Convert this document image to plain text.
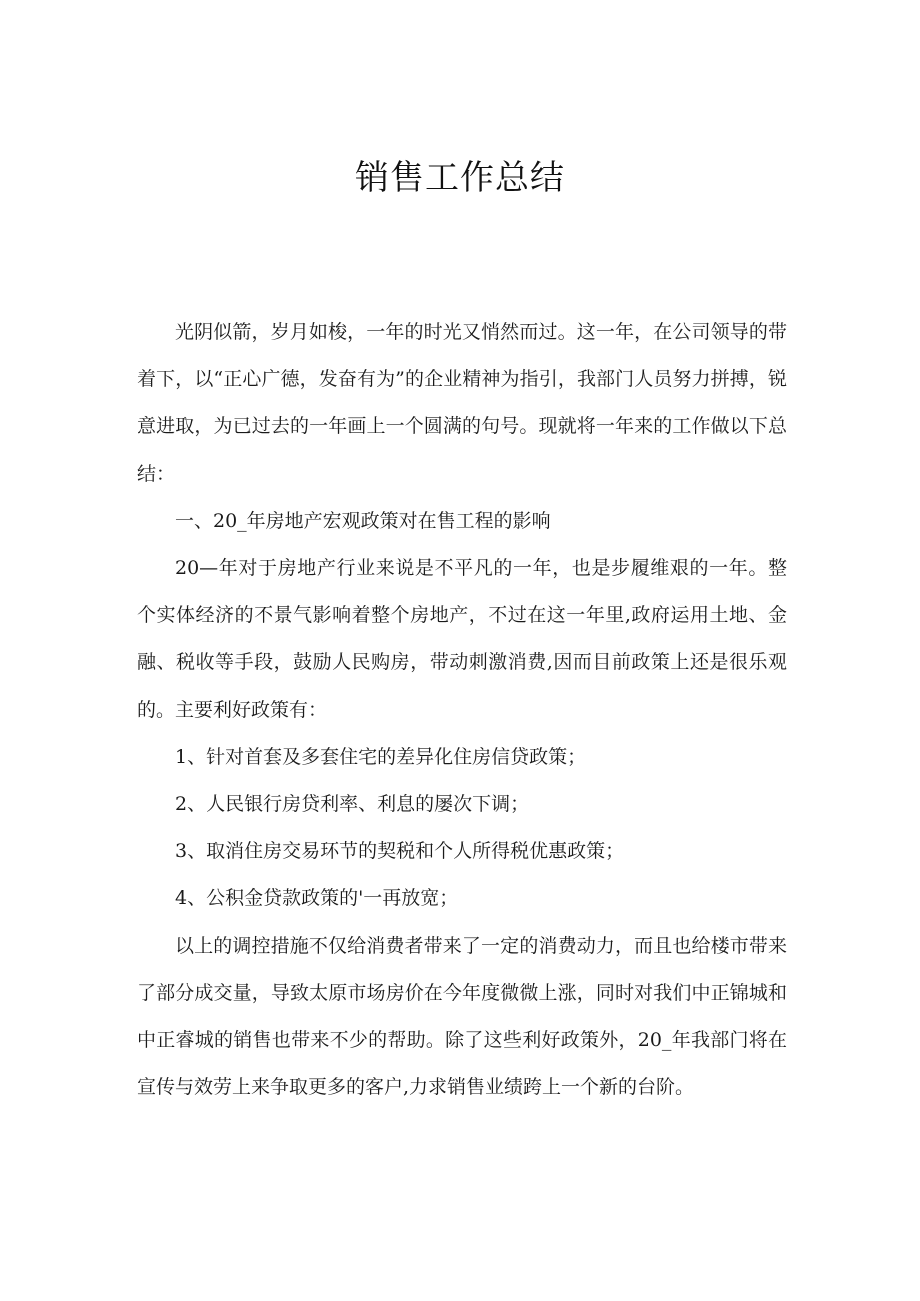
销售工作总结

光阴似箭，岁月如梭，一年的时光又悄然而过。这一年，在公司领导的带着下，以“正心广德，发奋有为”的企业精神为指引，我部门人员努力拼搏，锐意进取，为已过去的一年画上一个圆满的句号。现就将一年来的工作做以下总结：

一、20_年房地产宏观政策对在售工程的影响

20—年对于房地产行业来说是不平凡的一年，也是步履维艰的一年。整个实体经济的不景气影响着整个房地产，不过在这一年里,政府运用土地、金融、税收等手段，鼓励人民购房，带动刺激消费,因而目前政策上还是很乐观的。主要利好政策有：

1、针对首套及多套住宅的差异化住房信贷政策；

2、人民银行房贷利率、利息的屡次下调；

3、取消住房交易环节的契税和个人所得税优惠政策；

4、公积金贷款政策的'一再放宽；

以上的调控措施不仅给消费者带来了一定的消费动力，而且也给楼市带来了部分成交量，导致太原市场房价在今年度微微上涨，同时对我们中正锦城和中正睿城的销售也带来不少的帮助。除了这些利好政策外，20_年我部门将在宣传与效劳上来争取更多的客户,力求销售业绩跨上一个新的台阶。
